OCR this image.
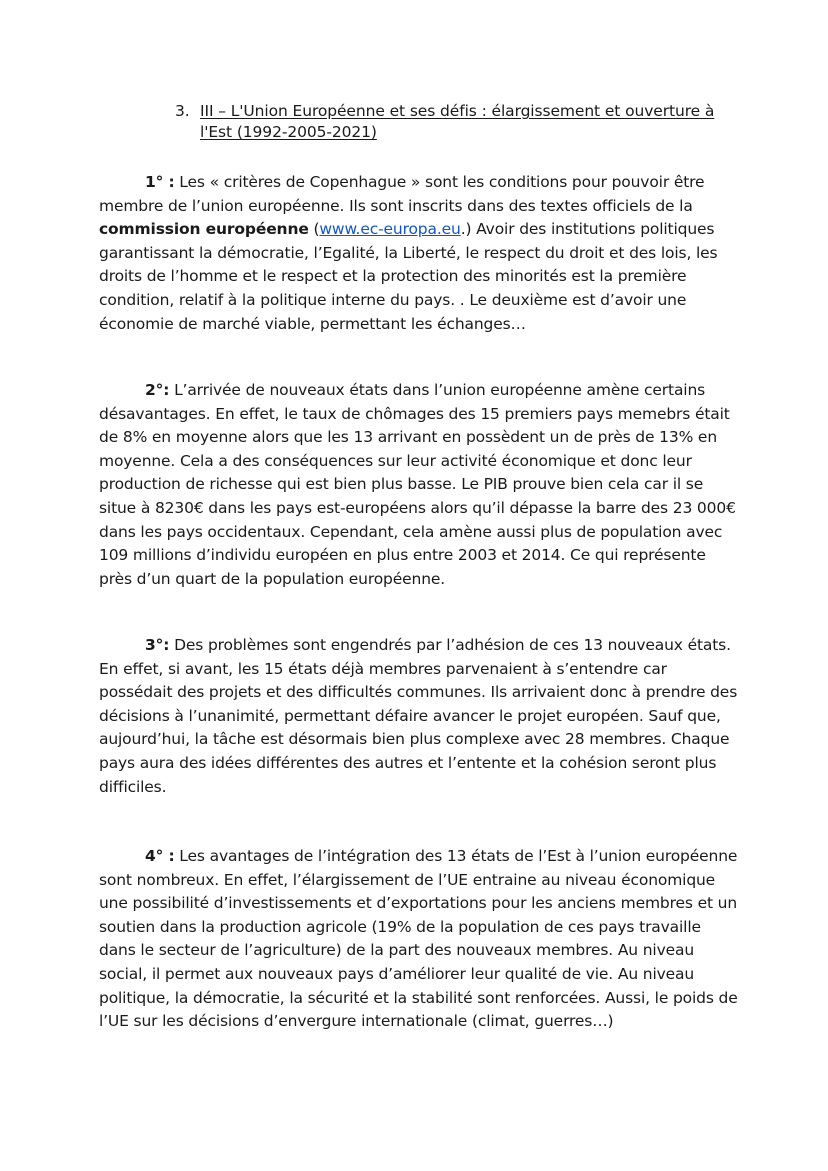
3. III – L'Union Européenne et ses défis : élargissement et ouverture à l'Est (1992-2005-2021)
1° : Les « critères de Copenhague » sont les conditions pour pouvoir être membre de l’union européenne. Ils sont inscrits dans des textes officiels de la commission européenne (www.ec-europa.eu.) Avoir des institutions politiques garantissant la démocratie, l’Egalité, la Liberté, le respect du droit et des lois, les droits de l’homme et le respect et la protection des minorités est la première condition, relatif à la politique interne du pays. . Le deuxième est d’avoir une économie de marché viable, permettant les échanges…
2°: L’arrivée de nouveaux états dans l’union européenne amène certains désavantages. En effet, le taux de chômages des 15 premiers pays memebrs était de 8% en moyenne alors que les 13 arrivant en possèdent un de près de 13% en moyenne. Cela a des conséquences sur leur activité économique et donc leur production de richesse qui est bien plus basse. Le PIB prouve bien cela car il se situe à 8230€ dans les pays est-européens alors qu’il dépasse la barre des 23 000€ dans les pays occidentaux. Cependant, cela amène aussi plus de population avec 109 millions d’individu européen en plus entre 2003 et 2014. Ce qui représente près d’un quart de la population européenne.
3°: Des problèmes sont engendrés par l’adhésion de ces 13 nouveaux états. En effet, si avant, les 15 états déjà membres parvenaient à s’entendre car possédait des projets et des difficultés communes. Ils arrivaient donc à prendre des décisions à l’unanimité, permettant défaire avancer le projet européen. Sauf que, aujourd’hui, la tâche est désormais bien plus complexe avec 28 membres. Chaque pays aura des idées différentes des autres et l’entente et la cohésion seront plus difficiles.
4° : Les avantages de l’intégration des 13 états de l’Est à l’union européenne sont nombreux. En effet, l’élargissement de l’UE entraine au niveau économique une possibilité d’investissements et d’exportations pour les anciens membres et un soutien dans la production agricole (19% de la population de ces pays travaille dans le secteur de l’agriculture) de la part des nouveaux membres. Au niveau social, il permet aux nouveaux pays d’améliorer leur qualité de vie. Au niveau politique, la démocratie, la sécurité et la stabilité sont renforcées. Aussi, le poids de l’UE sur les décisions d’envergure internationale (climat, guerres…)
